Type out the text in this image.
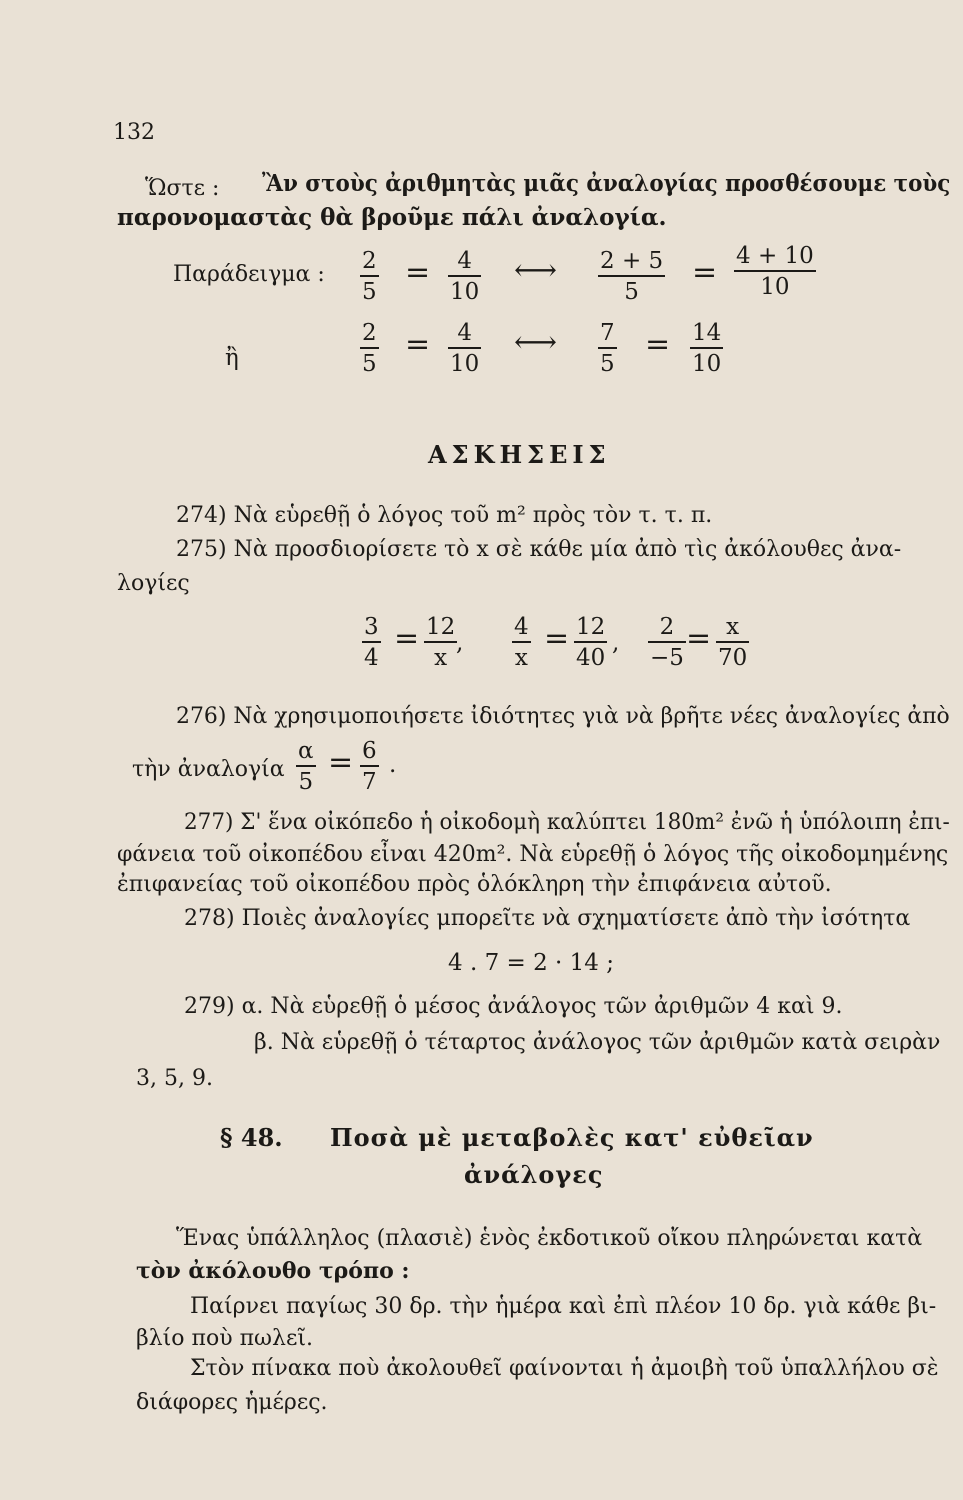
132
Ὥστε : Ἂν στοὺς ἀριθμητὰς μιᾶς ἀναλογίας προσθέσουμε τοὺς
παρονομαστὰς θὰ βροῦμε πάλι ἀναλογία.
Παράδειγμα :
2
5
=	4
10
⟷ 2 + 5
5
= 4 + 10
10
ἢ
2
5
=	4
10
⟷ 7
5
= 14
10
ΑΣΚΗΣΕΙΣ
274) Νὰ εὑρεθῇ ὁ λόγος τοῦ m² πρὸς τὸν τ. τ. π.
275) Νὰ προσδιορίσετε τὸ x σὲ κάθε μία ἀπὸ τὶς ἀκόλουθες ἀνα-
λογίες
3
4
= 12
x
,
4
x
= 12
40
,
2
−5
= x
70
276) Νὰ χρησιμοποιήσετε ἰδιότητες γιὰ νὰ βρῆτε νέες ἀναλογίες ἀπὸ
τὴν ἀναλογία
α
5
= 6
7
.
277) Σ' ἕνα οἰκόπεδο ἡ οἰκοδομὴ καλύπτει 180m² ἐνῶ ἡ ὑπόλοιπη ἐπι-
φάνεια τοῦ οἰκοπέδου εἶναι 420m². Νὰ εὑρεθῇ ὁ λόγος τῆς οἰκοδομημένης
ἐπιφανείας τοῦ οἰκοπέδου πρὸς ὁλόκληρη τὴν ἐπιφάνεια αὐτοῦ.
278) Ποιὲς ἀναλογίες μπορεῖτε νὰ σχηματίσετε ἀπὸ τὴν ἰσότητα
4 . 7 = 2 · 14 ;
279) α. Νὰ εὑρεθῇ ὁ μέσος ἀνάλογος τῶν ἀριθμῶν 4 καὶ 9.
β. Νὰ εὑρεθῇ ὁ τέταρτος ἀνάλογος τῶν ἀριθμῶν κατὰ σειρὰν
3, 5, 9.
§ 48. Ποσὰ μὲ μεταβολὲς κατ' εὐθεῖαν
ἀνάλογες
Ἕνας ὑπάλληλος (πλασιὲ) ἑνὸς ἐκδοτικοῦ οἴκου πληρώνεται κατὰ
τὸν ἀκόλουθο τρόπο :
Παίρνει παγίως 30 δρ. τὴν ἡμέρα καὶ ἐπὶ πλέον 10 δρ. γιὰ κάθε βι-
βλίο ποὺ πωλεῖ.
Στὸν πίνακα ποὺ ἀκολουθεῖ φαίνονται ἡ ἀμοιβὴ τοῦ ὑπαλλήλου σὲ
διάφορες ἡμέρες.
